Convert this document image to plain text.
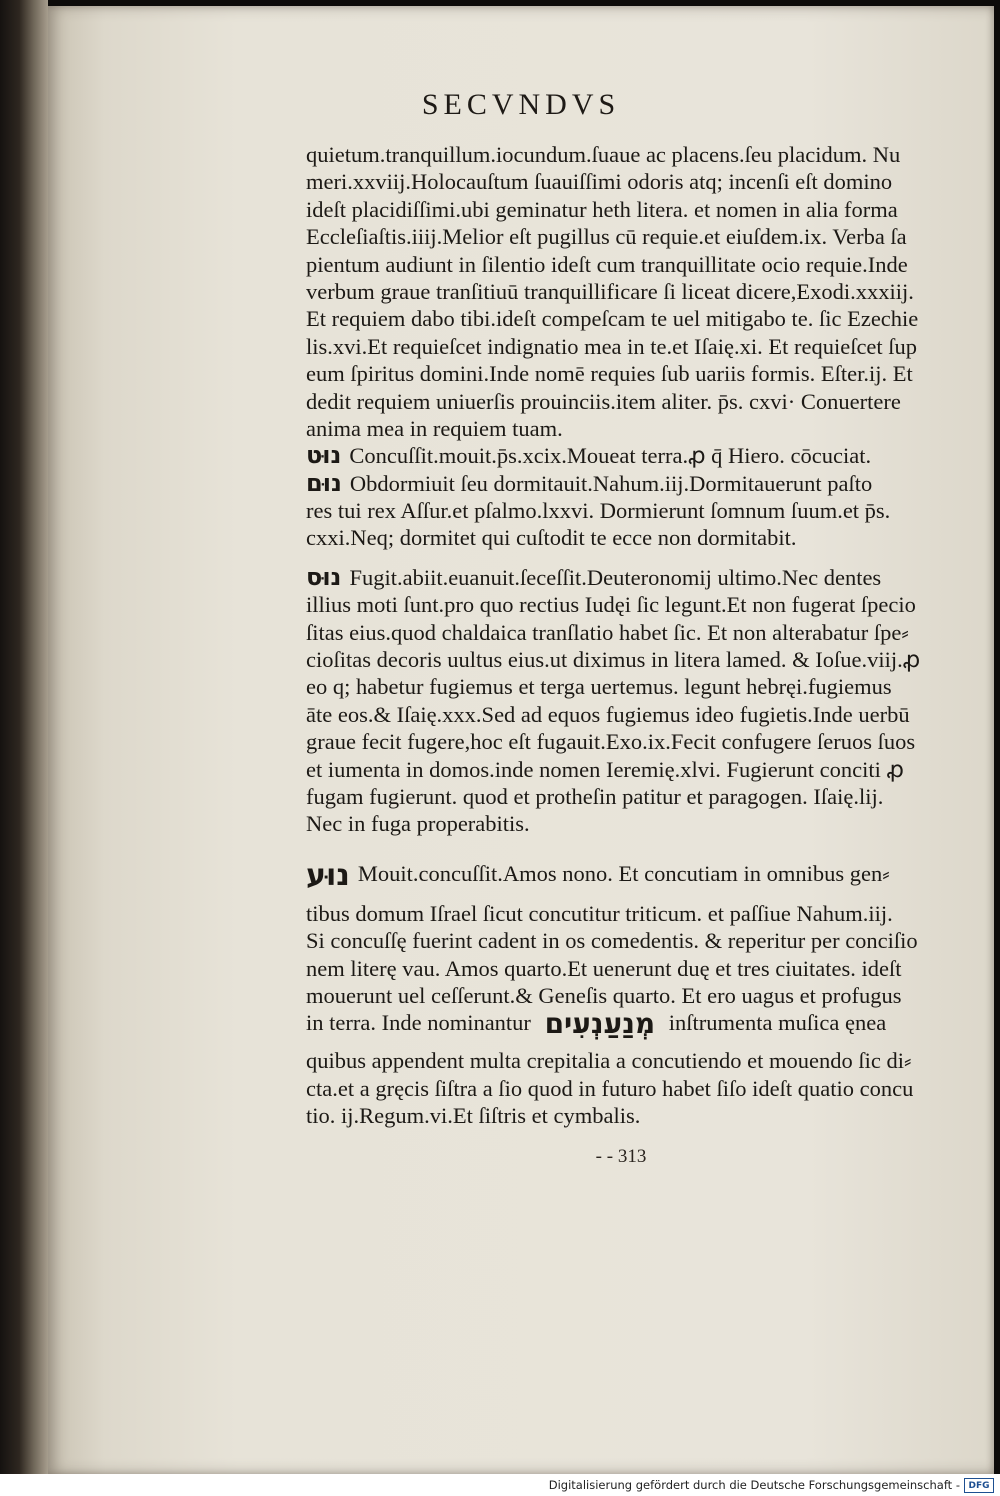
SECVNDVS
quietum.tranquillum.iocundum.ſuaue ac placens.ſeu placidum. Nu
meri.xxviij.Holocauſtum ſuauiſſimi odoris atq; incenſi eſt domino
ideſt placidiſſimi.ubi geminatur heth litera. et nomen in alia forma
Eccleſiaſtis.iiij.Melior eſt pugillus cū requie.et eiuſdem.ix. Verba ſa
pientum audiunt in ſilentio ideſt cum tranquillitate ocio requie.Inde
verbum graue tranſitiuū tranquillificare ſi liceat dicere,Exodi.xxxiij.
Et requiem dabo tibi.ideſt compeſcam te uel mitigabo te. ſic Ezechie
lis.xvi.Et requieſcet indignatio mea in te.et Iſaię.xi. Et requieſcet ſup
eum ſpiritus domini.Inde nomē requies ſub uariis formis. Eſter.ij. Et
dedit requiem uniuerſis prouinciis.item aliter. p̄s. cxvi· Conuertere
anima mea in requiem tuam.
נוּט Concuſſit.mouit.p̄s.xcix.Moueat terra.ꝓ q̄ Hiero. cōcuciat.
נוּם Obdormiuit ſeu dormitauit.Nahum.iij.Dormitauerunt paſto
res tui rex Aſſur.et pſalmo.lxxvi. Dormierunt ſomnum ſuum.et p̄s.
cxxi.Neq; dormitet qui cuſtodit te ecce non dormitabit.
נוּס Fugit.abiit.euanuit.ſeceſſit.Deuteronomij ultimo.Nec dentes
illius moti ſunt.pro quo rectius Iudęi ſic legunt.Et non fugerat ſpecio
ſitas eius.quod chaldaica tranſlatio habet ſic. Et non alterabatur ſpe⸗
cioſitas decoris uultus eius.ut diximus in litera lamed. & Ioſue.viij.ꝓ
eo q; habetur fugiemus et terga uertemus. legunt hebręi.fugiemus
āte eos.& Iſaię.xxx.Sed ad equos fugiemus ideo fugietis.Inde uerbū
graue fecit fugere,hoc eſt fugauit.Exo.ix.Fecit confugere ſeruos ſuos
et iumenta in domos.inde nomen Ieremię.xlvi. Fugierunt conciti ꝓ
fugam fugierunt. quod et protheſin patitur et paragogen. Iſaię.lij.
Nec in fuga properabitis.
נוּע Mouit.concuſſit.Amos nono. Et concutiam in omnibus gen⸗
tibus domum Iſrael ſicut concutitur triticum. et paſſiue Nahum.iij.
Si concuſſę fuerint cadent in os comedentis. & reperitur per conciſio
nem literę vau. Amos quarto.Et uenerunt duę et tres ciuitates. ideſt
mouerunt uel ceſſerunt.& Geneſis quarto. Et ero uagus et profugus
in terra. Inde nominantur מְנַעַנְעִים inſtrumenta muſica ęnea
quibus appendent multa crepitalia a concutiendo et mouendo ſic di⸗
cta.et a gręcis ſiſtra a ſio quod in futuro habet ſiſo ideſt quatio concu
tio. ij.Regum.vi.Et ſiſtris et cymbalis.
- - 313
Digitalisierung gefördert durch die Deutsche Forschungsgemeinschaft - DFG
